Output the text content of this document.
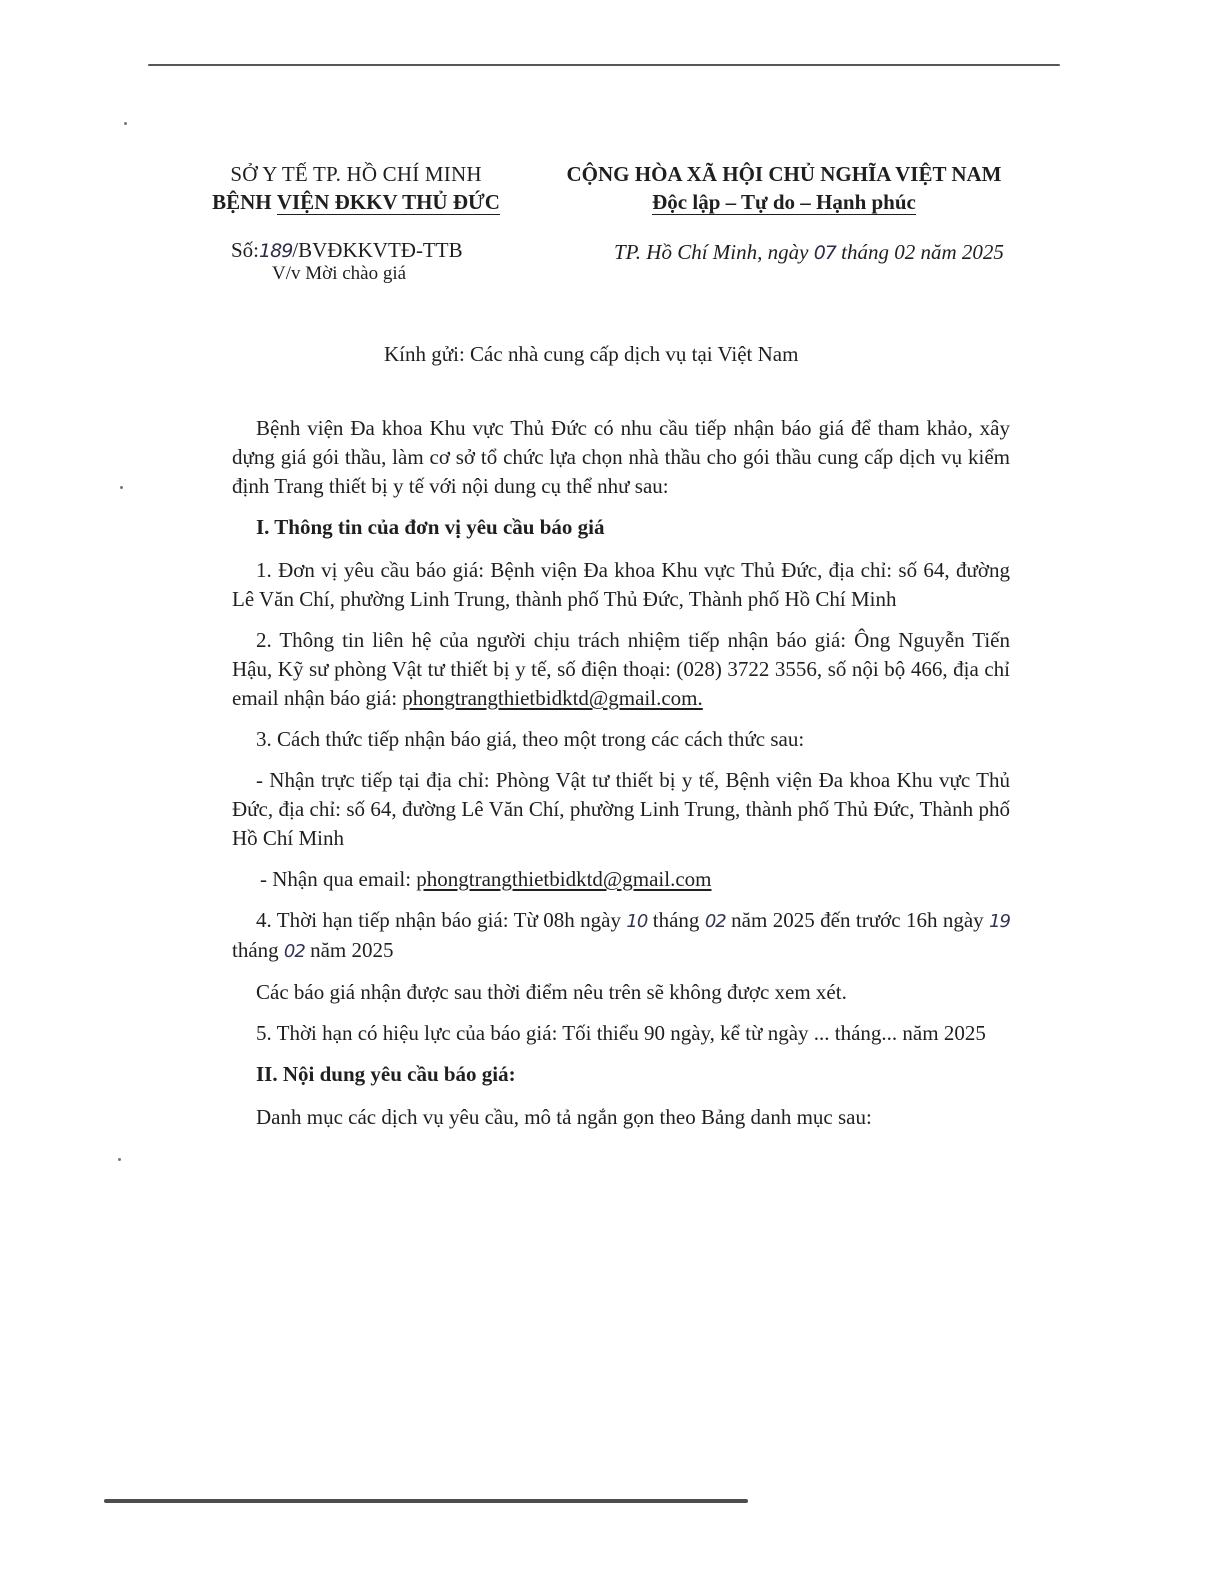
SỞ Y TẾ TP. HỒ CHÍ MINH
BỆNH VIỆN ĐKKV THỦ ĐỨC
CỘNG HÒA XÃ HỘI CHỦ NGHĨA VIỆT NAM
Độc lập – Tự do – Hạnh phúc
Số:189/BVĐKKVTĐ-TTB
V/v Mời chào giá
TP. Hồ Chí Minh, ngày 07 tháng 02 năm 2025
Kính gửi: Các nhà cung cấp dịch vụ tại Việt Nam

Bệnh viện Đa khoa Khu vực Thủ Đức có nhu cầu tiếp nhận báo giá để tham khảo, xây dựng giá gói thầu, làm cơ sở tổ chức lựa chọn nhà thầu cho gói thầu cung cấp dịch vụ kiểm định Trang thiết bị y tế với nội dung cụ thể như sau:

I. Thông tin của đơn vị yêu cầu báo giá

1. Đơn vị yêu cầu báo giá: Bệnh viện Đa khoa Khu vực Thủ Đức, địa chỉ: số 64, đường Lê Văn Chí, phường Linh Trung, thành phố Thủ Đức, Thành phố Hồ Chí Minh

2. Thông tin liên hệ của người chịu trách nhiệm tiếp nhận báo giá: Ông Nguyễn Tiến Hậu, Kỹ sư phòng Vật tư thiết bị y tế, số điện thoại: (028) 3722 3556, số nội bộ 466, địa chỉ email nhận báo giá: phongtrangthietbidktd@gmail.com.

3. Cách thức tiếp nhận báo giá, theo một trong các cách thức sau:

- Nhận trực tiếp tại địa chỉ: Phòng Vật tư thiết bị y tế, Bệnh viện Đa khoa Khu vực Thủ Đức, địa chỉ: số 64, đường Lê Văn Chí, phường Linh Trung, thành phố Thủ Đức, Thành phố Hồ Chí Minh

- Nhận qua email: phongtrangthietbidktd@gmail.com

4. Thời hạn tiếp nhận báo giá: Từ 08h ngày 10 tháng 02 năm 2025 đến trước 16h ngày 19 tháng 02 năm 2025

Các báo giá nhận được sau thời điểm nêu trên sẽ không được xem xét.

5. Thời hạn có hiệu lực của báo giá: Tối thiểu 90 ngày, kể từ ngày ... tháng... năm 2025

II. Nội dung yêu cầu báo giá:

Danh mục các dịch vụ yêu cầu, mô tả ngắn gọn theo Bảng danh mục sau:
